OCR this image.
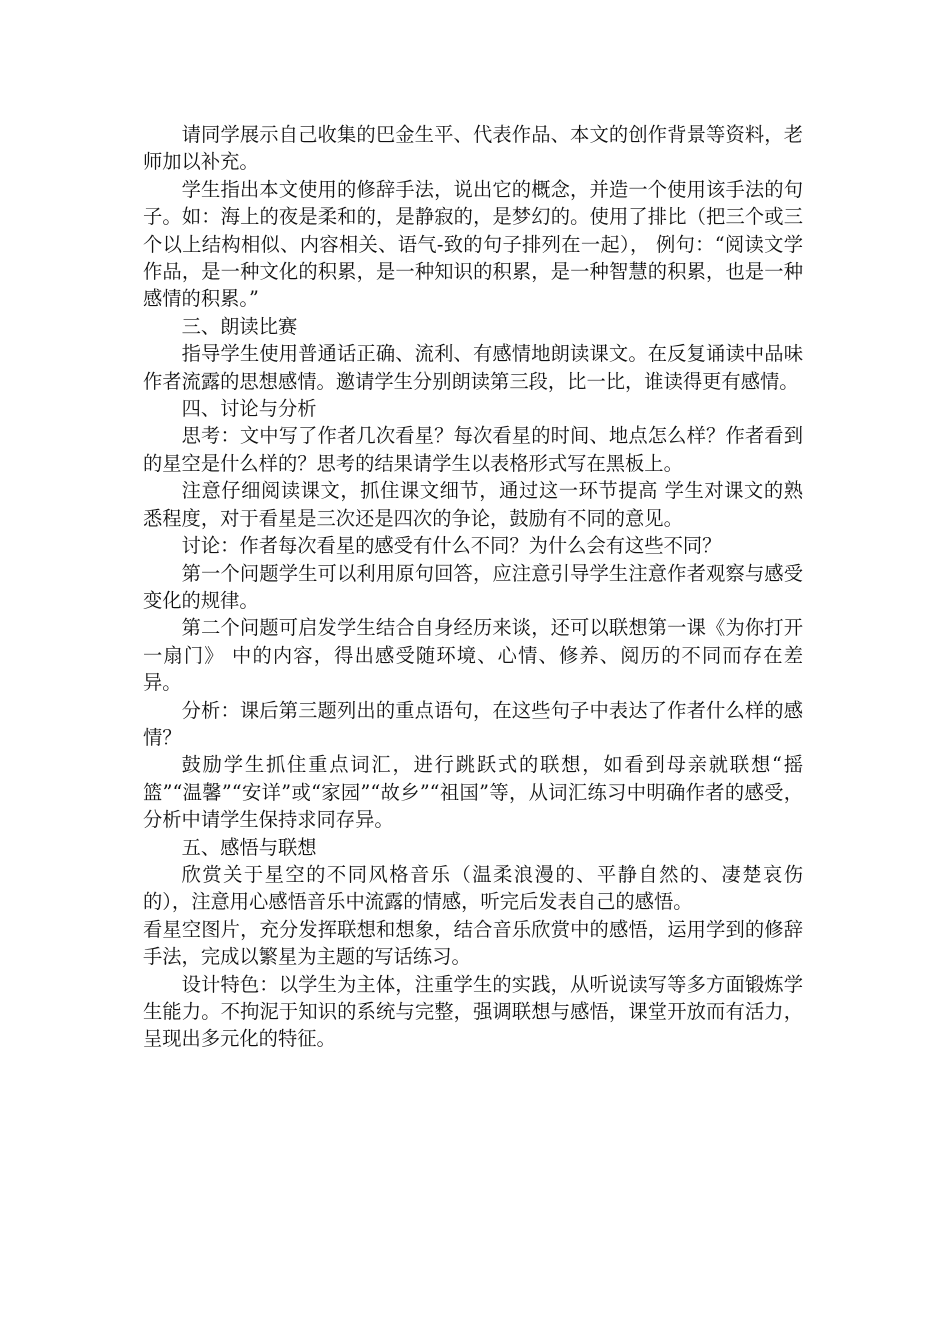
请同学展示自己收集的巴金生平、代表作品、本文的创作背景等资料，老师加以补充。

学生指出本文使用的修辞手法，说出它的概念，并造一个使用该手法的句子。如：海上的夜是柔和的，是静寂的，是梦幻的。使用了排比（把三个或三个以上结构相似、内容相关、语气-致的句子排列在一起）， 例句：“阅读文学作品，是一种文化的积累，是一种知识的积累，是一种智慧的积累，也是一种感情的积累。”

三、朗读比赛

指导学生使用普通话正确、流利、有感情地朗读课文。在反复诵读中品味作者流露的思想感情。邀请学生分别朗读第三段，比一比，谁读得更有感情。

四、讨论与分析

思考：文中写了作者几次看星？每次看星的时间、地点怎么样？作者看到的星空是什么样的？思考的结果请学生以表格形式写在黑板上。

注意仔细阅读课文，抓住课文细节，通过这一环节提高 学生对课文的熟悉程度，对于看星是三次还是四次的争论，鼓励有不同的意见。

讨论：作者每次看星的感受有什么不同？为什么会有这些不同？

第一个问题学生可以利用原句回答，应注意引导学生注意作者观察与感受变化的规律。

第二个问题可启发学生结合自身经历来谈，还可以联想第一课《为你打开一扇门》 中的内容，得出感受随环境、心情、修养、阅历的不同而存在差异。

分析：课后第三题列出的重点语句，在这些句子中表达了作者什么样的感情？

鼓励学生抓住重点词汇，进行跳跃式的联想，如看到母亲就联想“摇篮”“温馨”“安详”或“家园”“故乡”“祖国”等，从词汇练习中明确作者的感受，分析中请学生保持求同存异。

五、感悟与联想

欣赏关于星空的不同风格音乐（温柔浪漫的、平静自然的、凄楚哀伤的），注意用心感悟音乐中流露的情感，听完后发表自己的感悟。

看星空图片，充分发挥联想和想象，结合音乐欣赏中的感悟，运用学到的修辞手法，完成以繁星为主题的写话练习。

设计特色：以学生为主体，注重学生的实践，从听说读写等多方面锻炼学生能力。不拘泥于知识的系统与完整，强调联想与感悟，课堂开放而有活力，呈现出多元化的特征。
